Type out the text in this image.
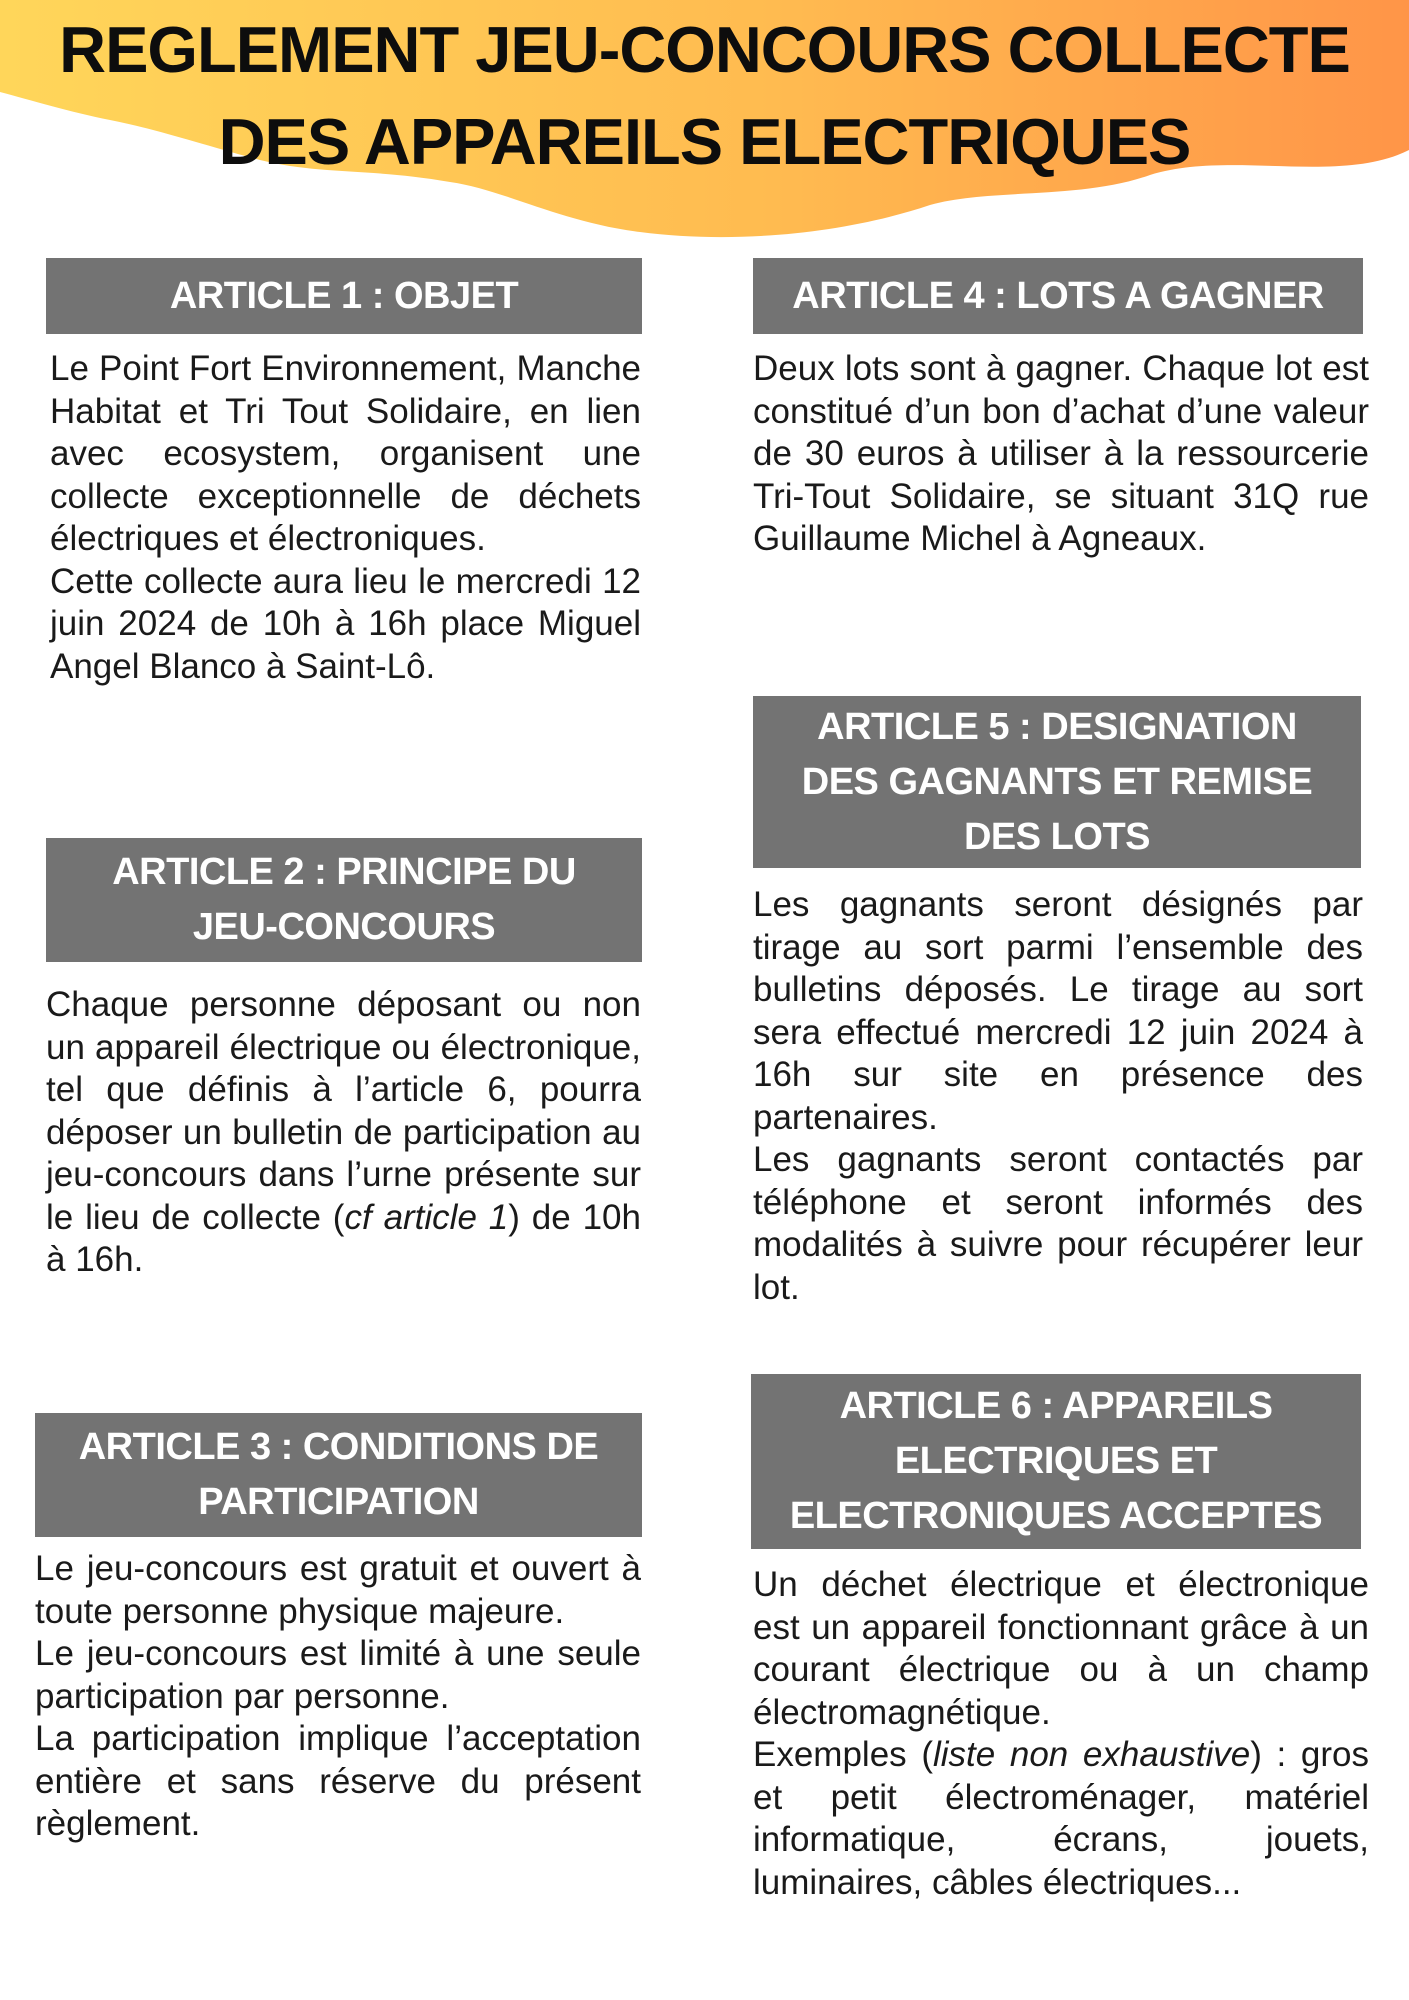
REGLEMENT JEU-CONCOURS COLLECTE
DES APPAREILS ELECTRIQUES
ARTICLE 1 : OBJET

Le Point Fort Environnement, Manche Habitat et Tri Tout Solidaire, en lien avec ecosystem, organisent une collecte exceptionnelle de déchets électriques et électroniques.

Cette collecte aura lieu le mercredi 12 juin 2024 de 10h à 16h place Miguel Angel Blanco à Saint-Lô.

ARTICLE 2 : PRINCIPE DU
JEU-CONCOURS

Chaque personne déposant ou non un appareil électrique ou électronique, tel que définis à l’article 6, pourra déposer un bulletin de participation au jeu-concours dans l’urne présente sur le lieu de collecte (cf article 1) de 10h à 16h.

ARTICLE 3 : CONDITIONS DE
PARTICIPATION

Le jeu-concours est gratuit et ouvert à toute personne physique majeure.

Le jeu-concours est limité à une seule participation par personne.

La participation implique l’acceptation entière et sans réserve du présent règlement.

ARTICLE 4 : LOTS A GAGNER

Deux lots sont à gagner. Chaque lot est constitué d’un bon d’achat d’une valeur de 30 euros à utiliser à la ressourcerie Tri-Tout Solidaire, se situant 31Q rue Guillaume Michel à Agneaux.

ARTICLE 5 : DESIGNATION
DES GAGNANTS ET REMISE
DES LOTS

Les gagnants seront désignés par tirage au sort parmi l’ensemble des bulletins déposés. Le tirage au sort sera effectué mercredi 12 juin 2024 à 16h sur site en présence des partenaires.

Les gagnants seront contactés par téléphone et seront informés des modalités à suivre pour récupérer leur lot.

ARTICLE 6 : APPAREILS
ELECTRIQUES ET
ELECTRONIQUES ACCEPTES

Un déchet électrique et électronique est un appareil fonctionnant grâce à un courant électrique ou à un champ électromagnétique.

Exemples (liste non exhaustive) : gros et petit électroménager, matériel informatique, écrans, jouets, luminaires, câbles électriques...
